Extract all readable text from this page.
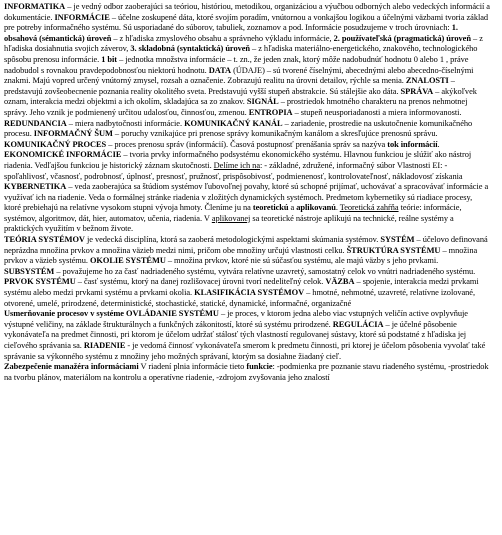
INFORMATIKA – je vedný odbor zaoberajúci sa teóriou, históriou, metodikou, organizáciou a výučbou odborných alebo vedeckých informácií a dokumentácie. INFORMÁCIE – účelne zoskupené dáta, ktoré svojím poradím, vnútornou a vonkajšou logikou a účelnými väzbami tvoria základ pre potreby informačného systému. Sú usporiadané do súborov, tabuliek, zoznamov a pod. Informácie posudzujeme v troch úrovniach: 1. obsahová (sémantická) úroveň – z hľadiska zmyslového obsahu a správneho výkladu informácie, 2. používateľská (pragmatická) úroveň – z hľadiska dosiahnutia svojich záverov, 3. skladobná (syntaktická) úroveň – z hľadiska materiálno-energetického, znakového, technologického spôsobu prenosu informácie. 1 bit – jednotka množstva informácie – t. zn., že jeden znak, ktorý môže nadobudnúť hodnotu 0 alebo 1 , práve nadobudol s rovnakou pravdepodobnosťou niektorú hodnotu. DATA (ÚDAJE) – sú tvorené číselnými, abecednými alebo abecedno-číselnými znakmi. Majú vopred určený vnútorný zmysel, rozsah a označenie. Zobrazujú realitu na úrovni detailov, rýchle sa menia. ZNALOSTI – predstavujú zovšeobecnenie poznania reality okolitého sveta. Predstavujú vyšší stupeň abstrakcie. Sú stálejšie ako dáta. SPRÁVA – akýkoľvek oznam, interakcia medzi objektmi a ich okolím, skladajúca sa zo znakov. SIGNÁL – prostriedok hmotného charakteru na prenos nehmotnej správy. Jeho vznik je podmienený určitou udalosťou, činnosťou, zmenou. ENTROPIA – stupeň neusporiadanosti a miera informovanosti. REDUNDANCIA – miera nadbytočnosti informácie. KOMUNIKAČNÝ KANÁL – zariadenie, prostredie na uskutočnenie komunikačného procesu. INFORMAČNÝ ŠUM – poruchy vznikajúce pri prenose správy komunikačným kanálom a skresľujúce prenosnú správu. KOMUNIKAČNÝ PROCES – proces prenosu správ (informácií). Časová postupnosť prenášania správ sa nazýva tok informácií. EKONOMICKÉ INFORMÁCIE – tvoria prvky informačného podsystému ekonomického systému. Hlavnou funkciou je slúžiť ako nástroj riadenia. Vedľajšou funkciou je historický záznam skutočnosti. Delíme ich na: - základné, združené, informačný súbor Vlastnosti EI: - spoľahlivosť, včasnosť, podrobnosť, úplnosť, presnosť, pružnosť, prispôsobivosť, podmienenosť, kontrolovateľnosť, nákladovosť získania

KYBERNETIKA – veda zaoberajúca sa štúdiom systémov ľubovoľnej povahy, ktoré sú schopné prijímať, uchovávať a spracovávať informácie a využívať ich na riadenie. Veda o formálnej stránke riadenia v zložitých dynamických systémoch. Predmetom kybernetiky sú riadiace procesy, ktoré prebiehajú na relatívne vysokom stupni vývoja hmoty. Členíme ju na teoretickú a aplikovanú. Teoretická zahŕňa teórie: informácie, systémov, algoritmov, dát, hier, automatov, učenia, riadenia. V aplikovanej sa teoretické nástroje aplikujú na technické, reálne systémy a praktických využitím v bežnom živote.

TEÓRIA SYSTÉMOV je vedecká disciplína, ktorá sa zaoberá metodologickými aspektami skúmania systémov. SYSTÉM – účelovo definovaná neprázdna množina prvkov a množina väzieb medzi nimi, pričom obe množiny určujú vlastnosti celku. ŠTRUKTÚRA SYSTÉMU – množina prvkov a väzieb systému. OKOLIE SYSTÉMU – množina prvkov, ktoré nie sú súčasťou systému, ale majú väzby s jeho prvkami. SUBSYSTÉM – považujeme ho za časť nadriadeného systému, vytvára relatívne uzavretý, samostatný celok vo vnútri nadriadeného systému. PRVOK SYSTÉMU – časť systému, ktorý na danej rozlišovacej úrovni tvorí nedeliteľný celok. VÄZBA – spojenie, interakcia medzi prvkami systému alebo medzi prvkami systému a prvkami okolia. KLASIFIKÁCIA SYSTÉMOV – hmotné, nehmotné, uzavreté, relatívne izolované, otvorené, umelé, prirodzené, deterministické, stochastické, statické, dynamické, informačné, organizačné

Usmerňovanie procesov v systéme OVLÁDANIE SYSTÉMU – je proces, v ktorom jedna alebo viac vstupných veličín active ovplyvňuje výstupné veličiny, na základe štrukturálnych a funkčných zákonitostí, ktoré sú systému prirodzené. REGULÁCIA – je účelné pôsobenie vykonávateľa na predmet činnosti, pri ktorom je účelom udržať stálosť tých vlastností regulovanej sústavy, ktoré sú podstatné z hľadiska jej cieľového správania sa. RIADENIE - je vedomá činnosť vykonávateľa smerom k predmetu činnosti, pri ktorej je účelom pôsobenia vyvolať také správanie sa výkonného systému z množiny jeho možných správaní, ktorým sa dosiahne žiadaný cieľ.

Zabezpečenie manažéra informáciami V riadení plnia informácie tieto funkcie: -podmienka pre poznanie stavu riadeného systému, -prostriedok na tvorbu plánov, materiálom na kontrolu a operatívne riadenie, -zdrojom zvyšovania jeho znalostí
